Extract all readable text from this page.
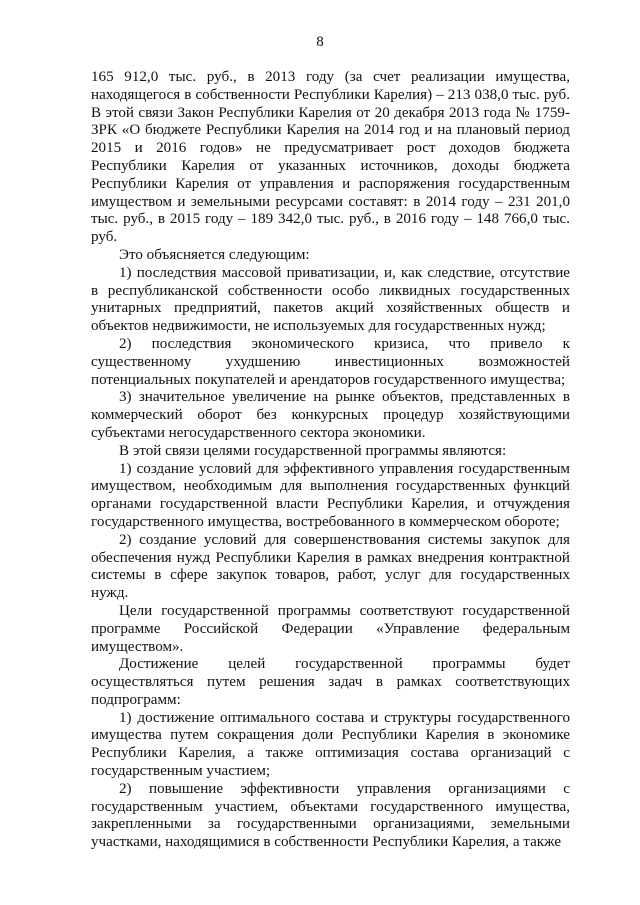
8

165 912,0 тыс. руб., в 2013 году (за счет реализации имущества, находящегося в собственности Республики Карелия) – 213 038,0 тыс. руб. В этой связи Закон Республики Карелия от 20 декабря 2013 года № 1759-ЗРК «О бюджете Республики Карелия на 2014 год и на плановый период 2015 и 2016 годов» не предусматривает рост доходов бюджета Республики Карелия от указанных источников, доходы бюджета Республики Карелия от управления и распоряжения государственным имуществом и земельными ресурсами составят: в 2014 году – 231 201,0 тыс. руб., в 2015 году – 189 342,0 тыс. руб., в 2016 году – 148 766,0 тыс. руб.

Это объясняется следующим:

1) последствия массовой приватизации, и, как следствие, отсутствие в республиканской собственности особо ликвидных государственных унитарных предприятий, пакетов акций хозяйственных обществ и объектов недвижимости, не используемых для государственных нужд;

2) последствия экономического кризиса, что привело к существенному ухудшению инвестиционных возможностей потенциальных покупателей и арендаторов государственного имущества;

3) значительное увеличение на рынке объектов, представленных в коммерческий оборот без конкурсных процедур хозяйствующими субъектами негосударственного сектора экономики.

В этой связи целями государственной программы являются:

1) создание условий для эффективного управления государственным имуществом, необходимым для выполнения государственных функций органами государственной власти Республики Карелия, и отчуждения государственного имущества, востребованного в коммерческом обороте;

2) создание условий для совершенствования системы закупок для обеспечения нужд Республики Карелия в рамках внедрения контрактной системы в сфере закупок товаров, работ, услуг для государственных нужд.

Цели государственной программы соответствуют государственной программе Российской Федерации «Управление федеральным имуществом».

Достижение целей государственной программы будет осуществляться путем решения задач в рамках соответствующих подпрограмм:

1) достижение оптимального состава и структуры государственного имущества путем сокращения доли Республики Карелия в экономике Республики Карелия, а также оптимизация состава организаций с государственным участием;

2) повышение эффективности управления организациями с государственным участием, объектами государственного имущества, закрепленными за государственными организациями, земельными участками, находящимися в собственности Республики Карелия, а также
